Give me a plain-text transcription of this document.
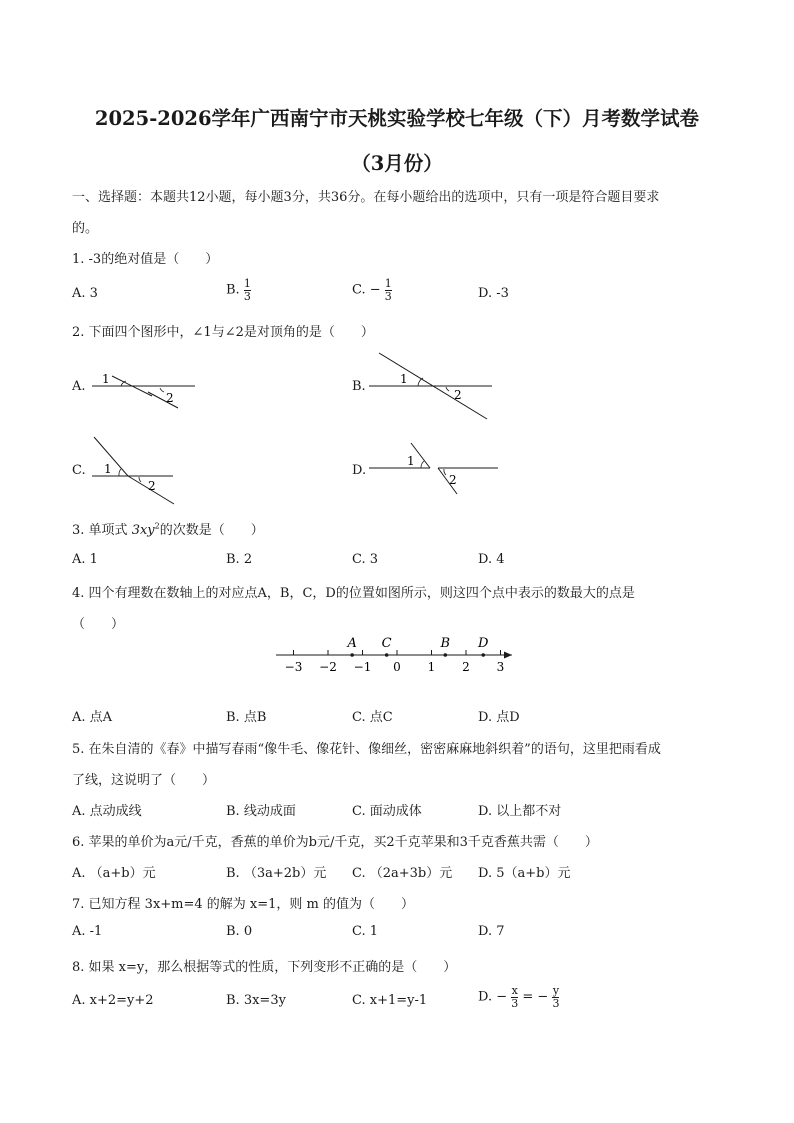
2025-2026学年广西南宁市天桃实验学校七年级（下）月考数学试卷
（3月份）
一、选择题：本题共12小题，每小题3分，共36分。在每小题给出的选项中，只有一项是符合题目要求
的。
1. -3的绝对值是（　　）
A. 3	B. $\frac{1}{3}$	C. − $\frac{1}{3}$	D. -3
2. 下面四个图形中，∠1与∠2是对顶角的是（　　）
A. 1
2
B.	1
2
C. 1
2
D.
1
2
3. 单项式 $3xy^2$的次数是（　　）
A. 1	B. 2	C. 3	D. 4
4. 四个有理数在数轴上的对应点A，B，C，D的位置如图所示，则这四个点中表示的数最大的点是
（　　）
−3 −2 −1 0 1 2 3
A C	B D
A. 点A	B. 点B	C. 点C	D. 点D
5. 在朱自清的《春》中描写春雨“像牛毛、像花针、像细丝，密密麻麻地斜织着”的语句，这里把雨看成
了线，这说明了（　　）
A. 点动成线	B. 线动成面	C. 面动成体	D. 以上都不对
6. 苹果的单价为a元/千克，香蕉的单价为b元/千克，买2千克苹果和3千克香蕉共需（　　）
A. （a+b）元	B. （3a+2b）元 C. （2a+3b）元 D. 5（a+b）元
7. 已知方程 3x+m=4 的解为 x=1，则 m 的值为（　　）
A. -1	B. 0	C. 1	D. 7
8. 如果 x=y，那么根据等式的性质，下列变形不正确的是（　　）
A. x+2=y+2	B. 3x=3y	C. x+1=y-1	D. − $\frac{x}{3}$ = − $\frac{y}{3}$
